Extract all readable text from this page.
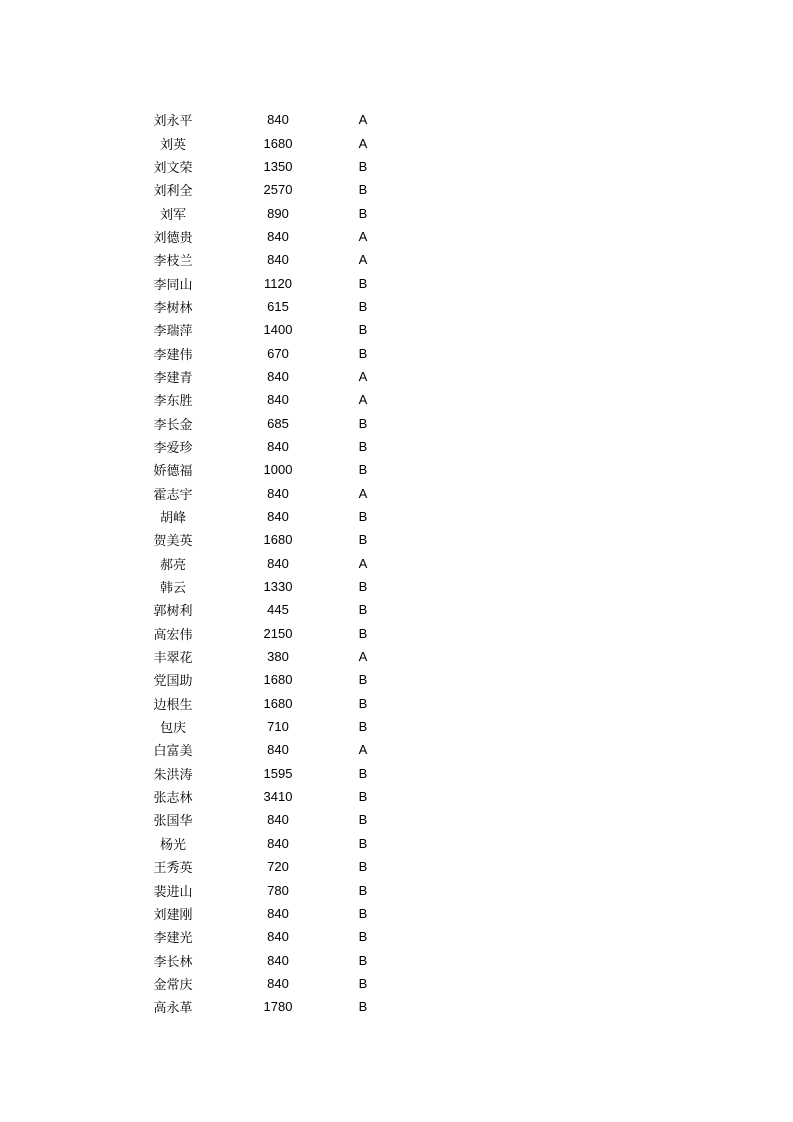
刘永平	840	A
刘英	1680	A
刘文荣	1350	B
刘利全	2570	B
刘军	890	B
刘德贵	840	A
李枝兰	840	A
李同山	1120	B
李树林	615	B
李瑞萍	1400	B
李建伟	670	B
李建青	840	A
李东胜	840	A
李长金	685	B
李爱珍	840	B
娇德福	1000	B
霍志宇	840	A
胡峰	840	B
贺美英	1680	B
郝亮	840	A
韩云	1330	B
郭树利	445	B
高宏伟	2150	B
丰翠花	380	A
党国助	1680	B
边根生	1680	B
包庆	710	B
白富美	840	A
朱洪涛	1595	B
张志林	3410	B
张国华	840	B
杨光	840	B
王秀英	720	B
裴进山	780	B
刘建刚	840	B
李建光	840	B
李长林	840	B
金常庆	840	B
高永革	1780	B
